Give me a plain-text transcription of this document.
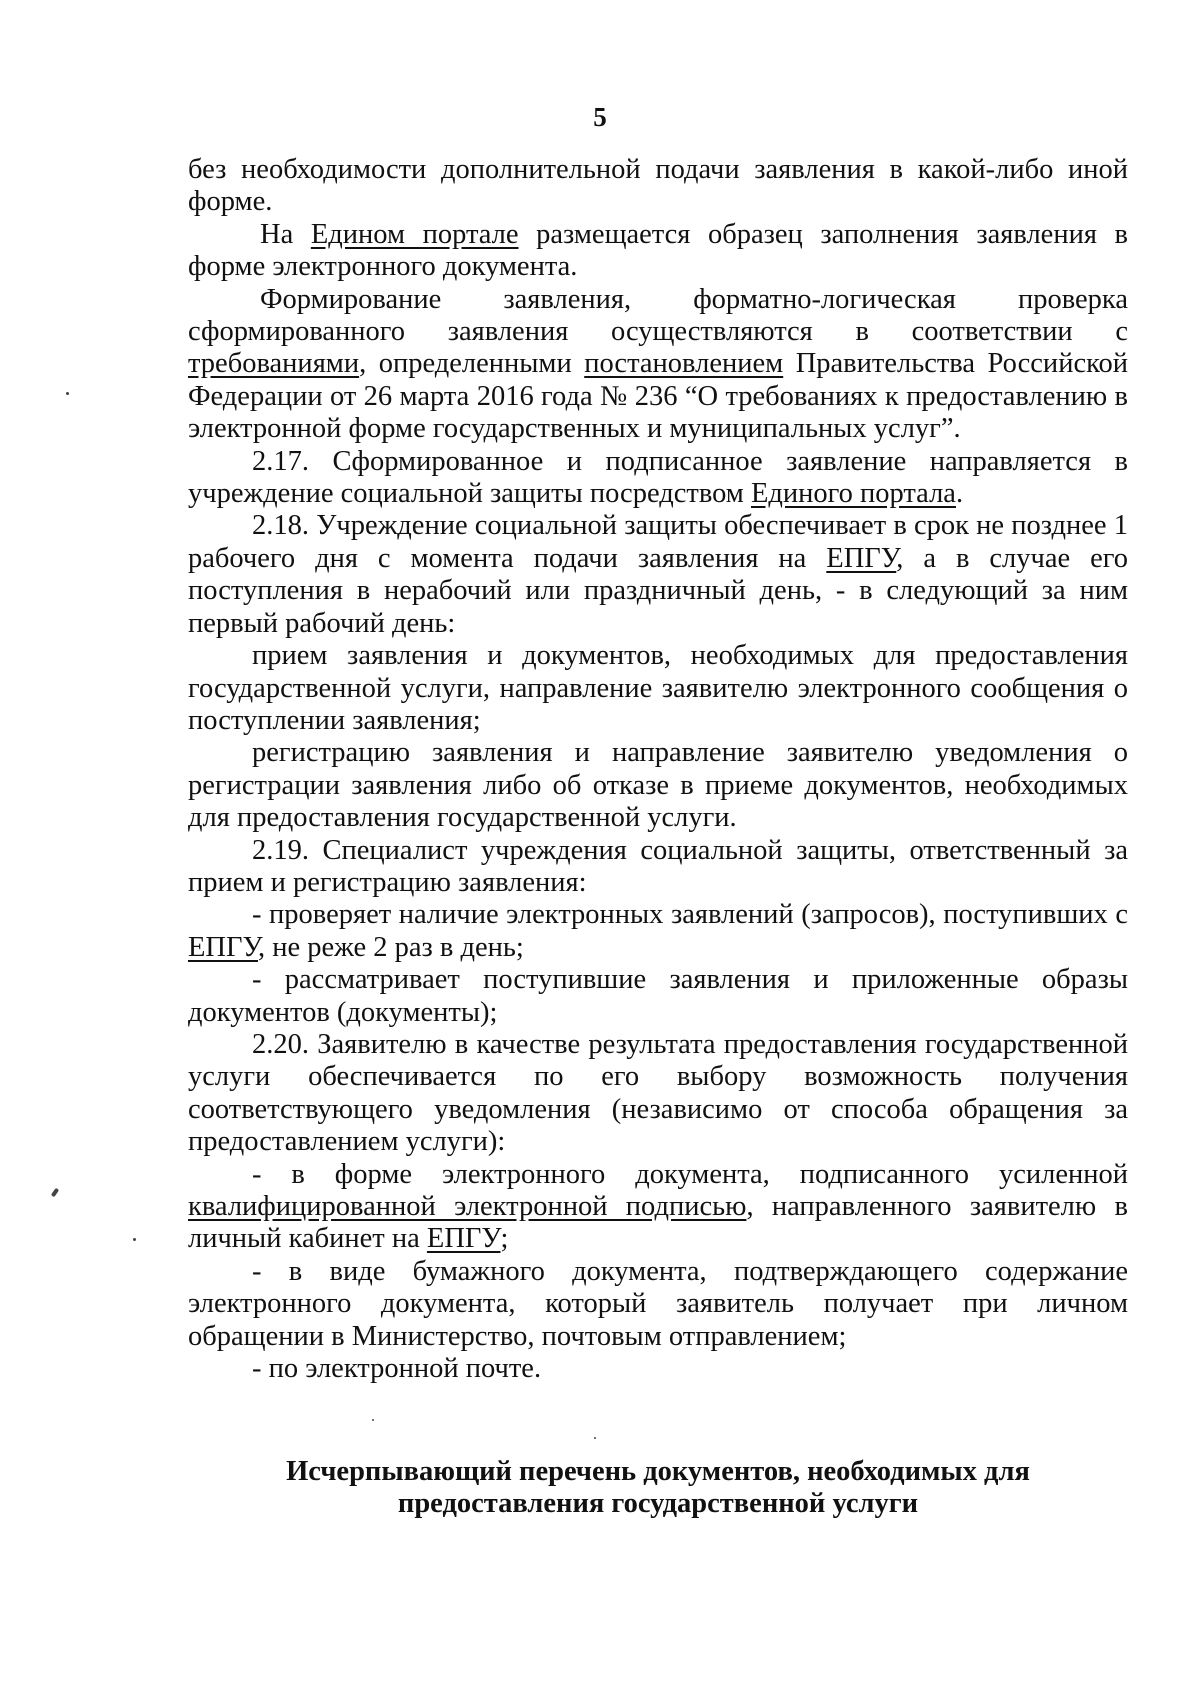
5

без необходимости дополнительной подачи заявления в какой-либо иной форме.

На Едином портале размещается образец заполнения заявления в форме электронного документа.

Формирование заявления, форматно-логическая проверка сформированного заявления осуществляются в соответствии с требованиями, определенными постановлением Правительства Российской Федерации от 26 марта 2016 года № 236 “О требованиях к предоставлению в электронной форме государственных и муниципальных услуг”.

2.17. Сформированное и подписанное заявление направляется в учреждение социальной защиты посредством Единого портала.

2.18. Учреждение социальной защиты обеспечивает в срок не позднее 1 рабочего дня с момента подачи заявления на ЕПГУ, а в случае его поступления в нерабочий или праздничный день, - в следующий за ним первый рабочий день:

прием заявления и документов, необходимых для предоставления государственной услуги, направление заявителю электронного сообщения о поступлении заявления;

регистрацию заявления и направление заявителю уведомления о регистрации заявления либо об отказе в приеме документов, необходимых для предоставления государственной услуги.

2.19. Специалист учреждения социальной защиты, ответственный за прием и регистрацию заявления:

- проверяет наличие электронных заявлений (запросов), поступивших с ЕПГУ, не реже 2 раз в день;

- рассматривает поступившие заявления и приложенные образы документов (документы);

2.20. Заявителю в качестве результата предоставления государственной услуги обеспечивается по его выбору возможность получения соответствующего уведомления (независимо от способа обращения за предоставлением услуги):

- в форме электронного документа, подписанного усиленной квалифицированной электронной подписью, направленного заявителю в личный кабинет на ЕПГУ;

- в виде бумажного документа, подтверждающего содержание электронного документа, который заявитель получает при личном обращении в Министерство, почтовым отправлением;

- по электронной почте.

Исчерпывающий перечень документов, необходимых для
предоставления государственной услуги
